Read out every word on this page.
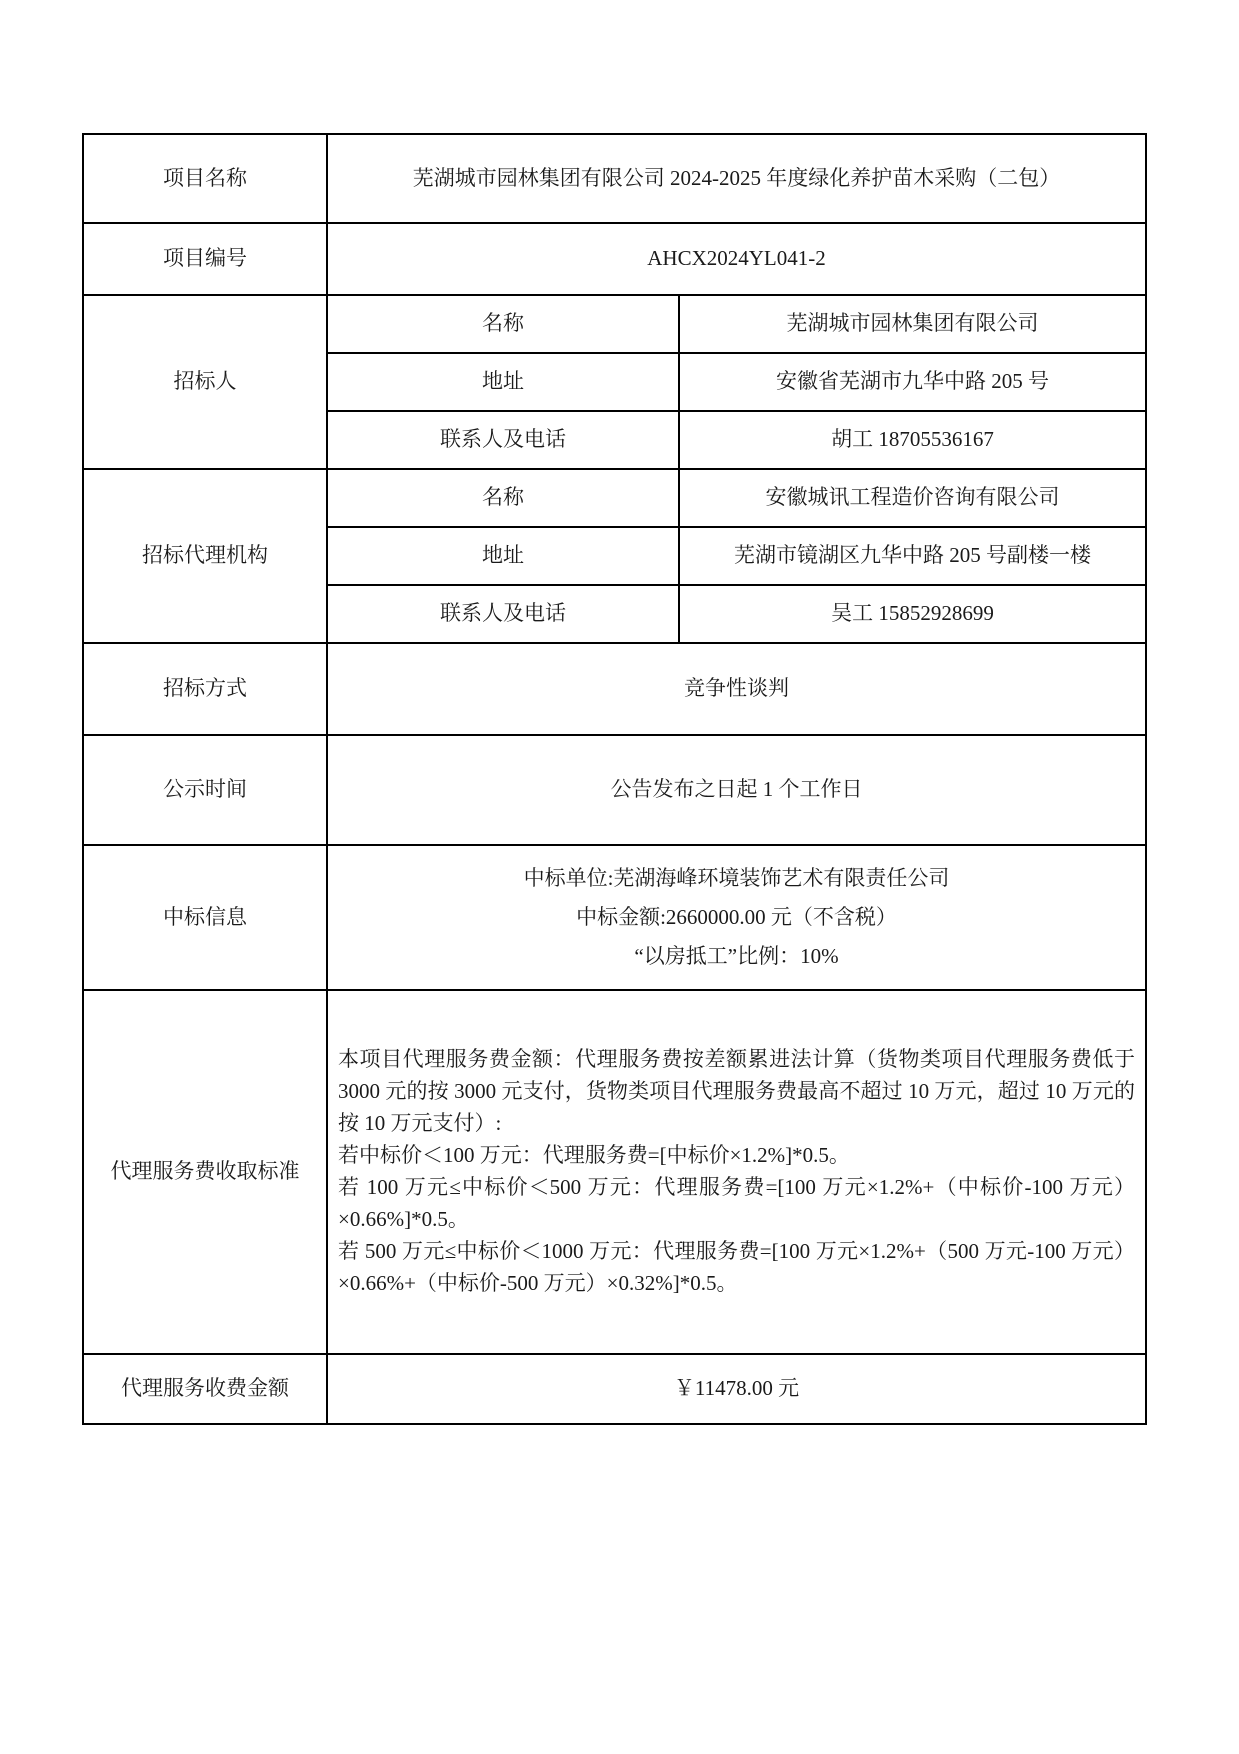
项目名称	芜湖城市园林集团有限公司 2024-2025 年度绿化养护苗木采购（二包）	
项目编号	AHCX2024YL041-2	
招标人	名称	芜湖城市园林集团有限公司
	地址	安徽省芜湖市九华中路 205 号
	联系人及电话	胡工 18705536167
招标代理机构	名称	安徽城讯工程造价咨询有限公司
	地址	芜湖市镜湖区九华中路 205 号副楼一楼
	联系人及电话	吴工 15852928699
招标方式	竞争性谈判	
公示时间	公告发布之日起 1 个工作日	
中标信息	中标单位:芜湖海峰环境装饰艺术有限责任公司
中标金额:2660000.00 元（不含税）
“以房抵工”比例：10%	

代理服务费收取标准	本项目代理服务费金额：代理服务费按差额累进法计算（货物类项目代理服务费低于 3000 元的按 3000 元支付，货物类项目代理服务费最高不超过 10 万元，超过 10 万元的按 10 万元支付）:

若中标价＜100 万元：代理服务费=[中标价×1.2%]*0.5。

若 100 万元≤中标价＜500 万元：代理服务费=[100 万元×1.2%+（中标价-100 万元）×0.66%]*0.5。

若 500 万元≤中标价＜1000 万元：代理服务费=[100 万元×1.2%+（500 万元-100 万元）×0.66%+（中标价-500 万元）×0.32%]*0.5。	

代理服务收费金额	￥11478.00 元	
